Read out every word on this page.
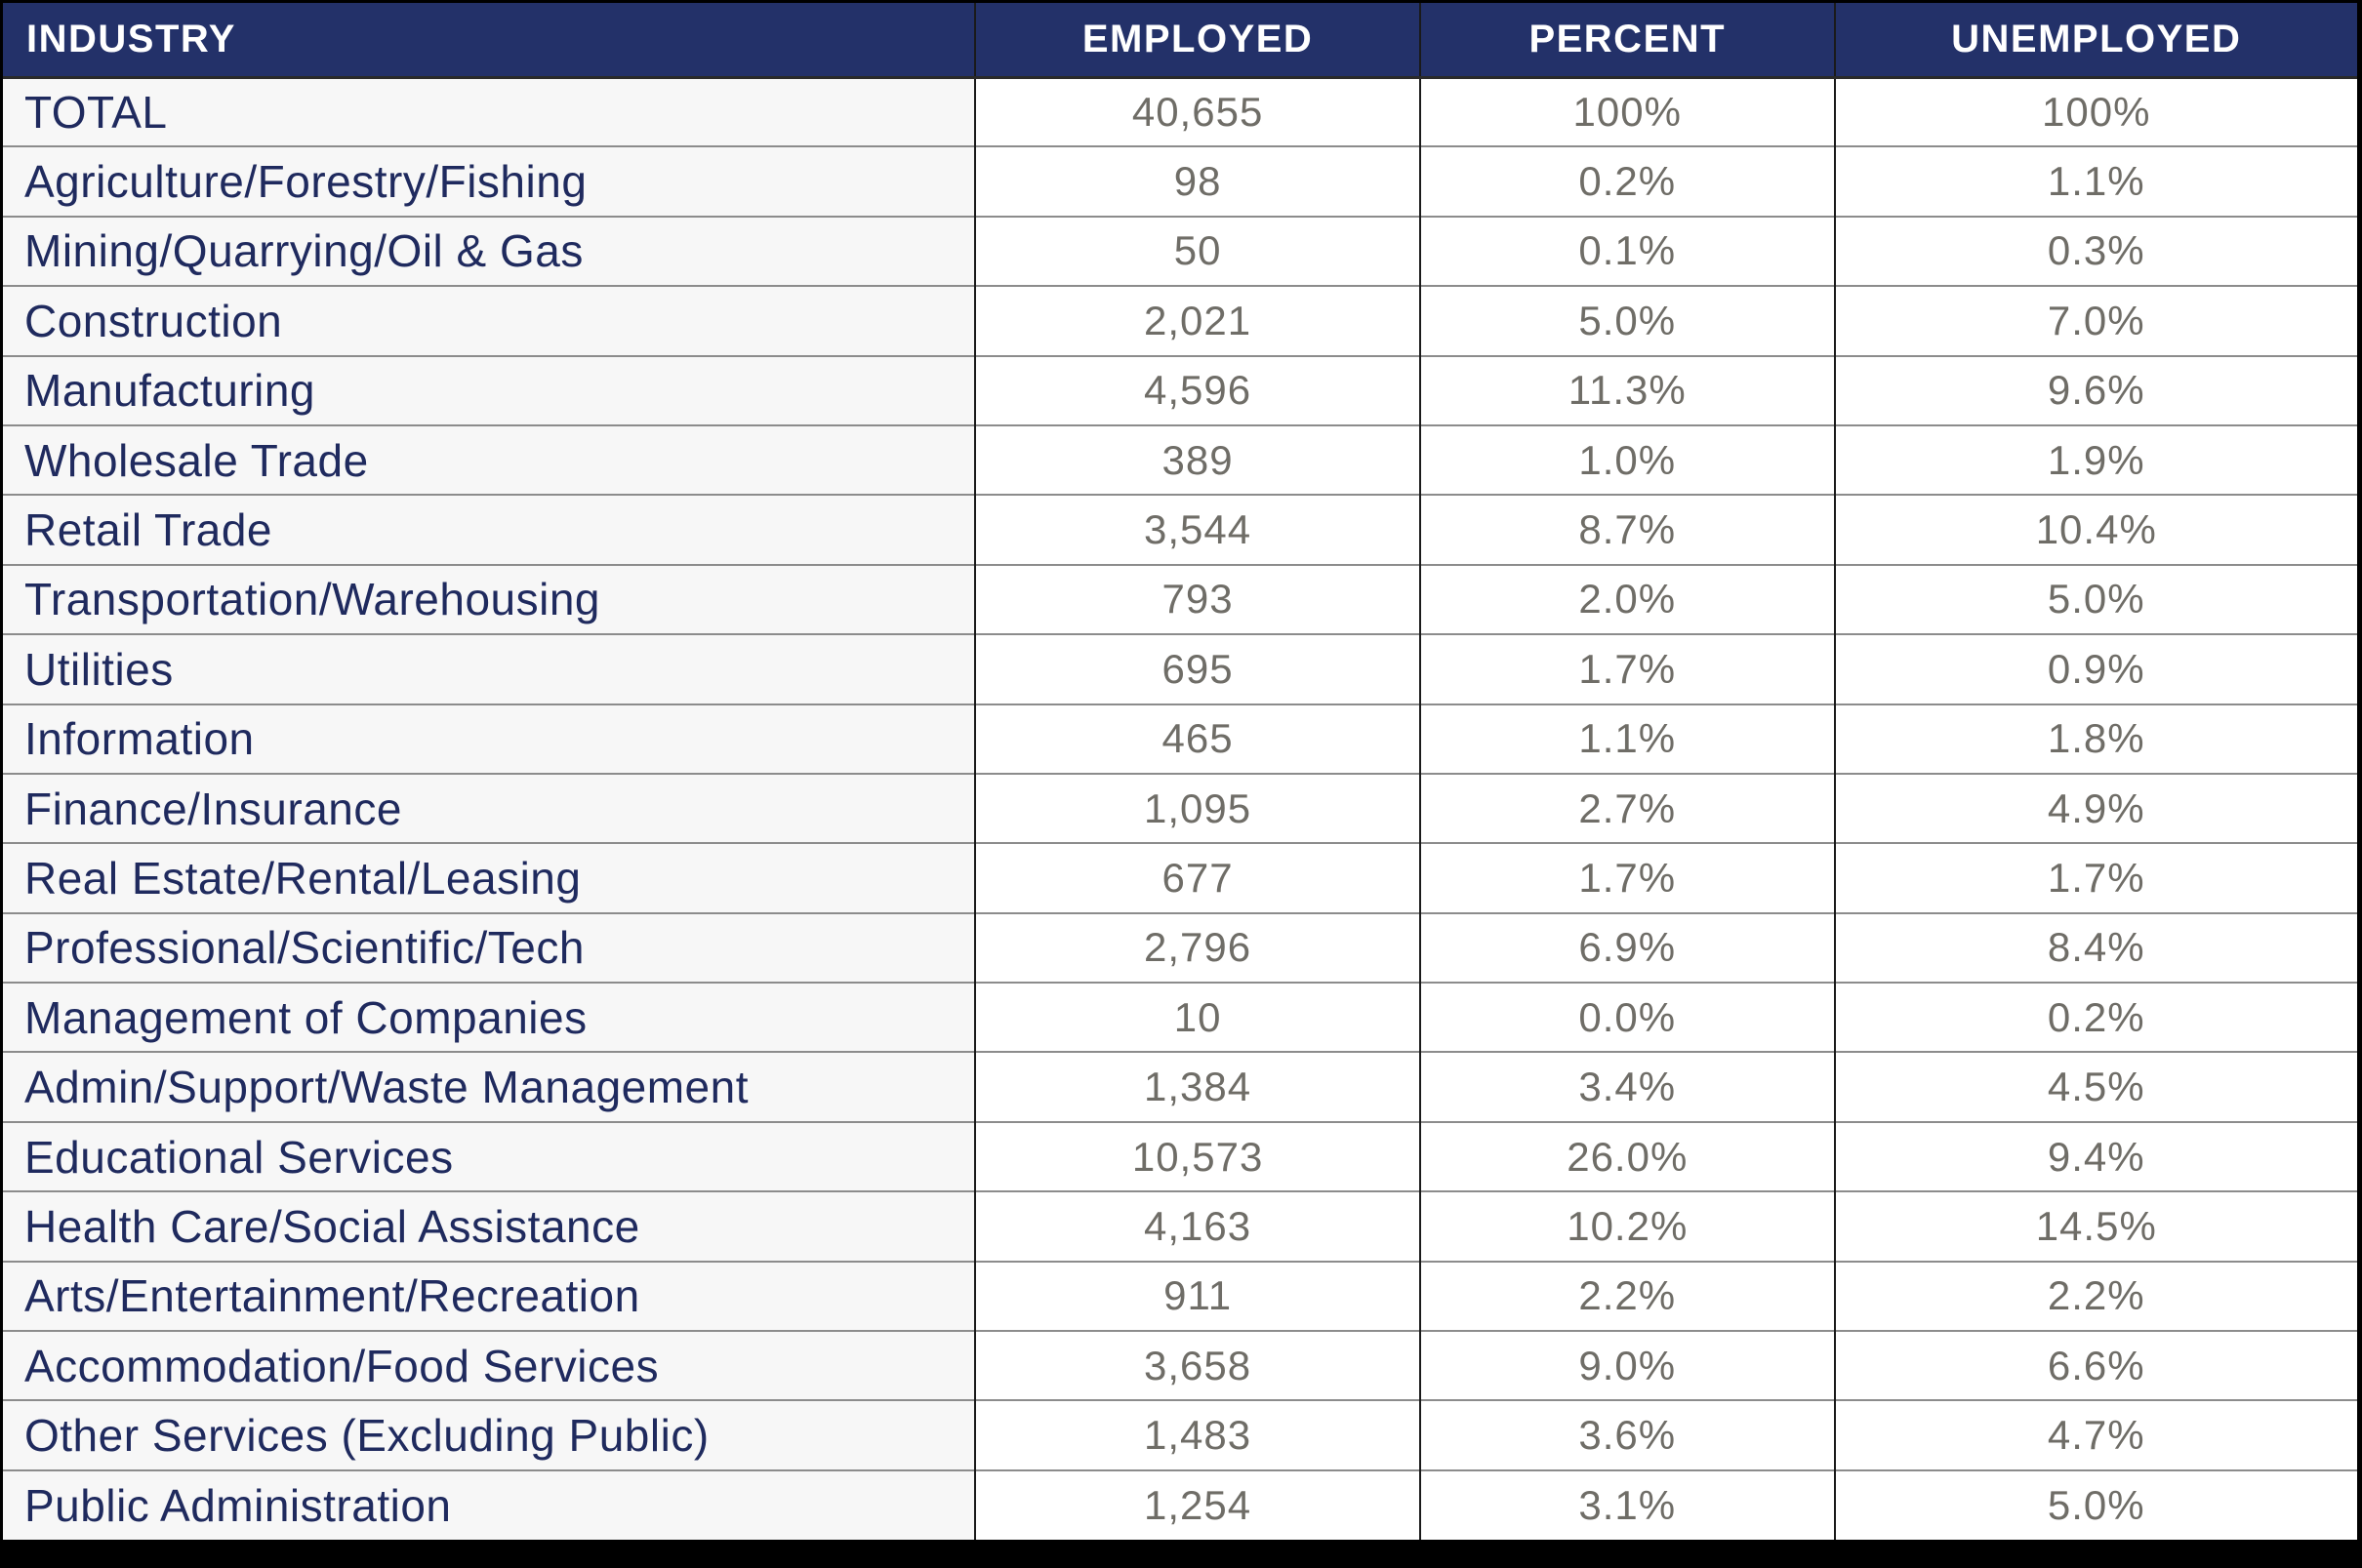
INDUSTRY	EMPLOYED	PERCENT	UNEMPLOYED
TOTAL	40,655	100%	100%
Agriculture/Forestry/Fishing	98	0.2%	1.1%
Mining/Quarrying/Oil & Gas	50	0.1%	0.3%
Construction	2,021	5.0%	7.0%
Manufacturing	4,596	11.3%	9.6%
Wholesale Trade	389	1.0%	1.9%
Retail Trade	3,544	8.7%	10.4%
Transportation/Warehousing	793	2.0%	5.0%
Utilities	695	1.7%	0.9%
Information	465	1.1%	1.8%
Finance/Insurance	1,095	2.7%	4.9%
Real Estate/Rental/Leasing	677	1.7%	1.7%
Professional/Scientific/Tech	2,796	6.9%	8.4%
Management of Companies	10	0.0%	0.2%
Admin/Support/Waste Management	1,384	3.4%	4.5%
Educational Services	10,573	26.0%	9.4%
Health Care/Social Assistance	4,163	10.2%	14.5%
Arts/Entertainment/Recreation	911	2.2%	2.2%
Accommodation/Food Services	3,658	9.0%	6.6%
Other Services (Excluding Public)	1,483	3.6%	4.7%
Public Administration	1,254	3.1%	5.0%
